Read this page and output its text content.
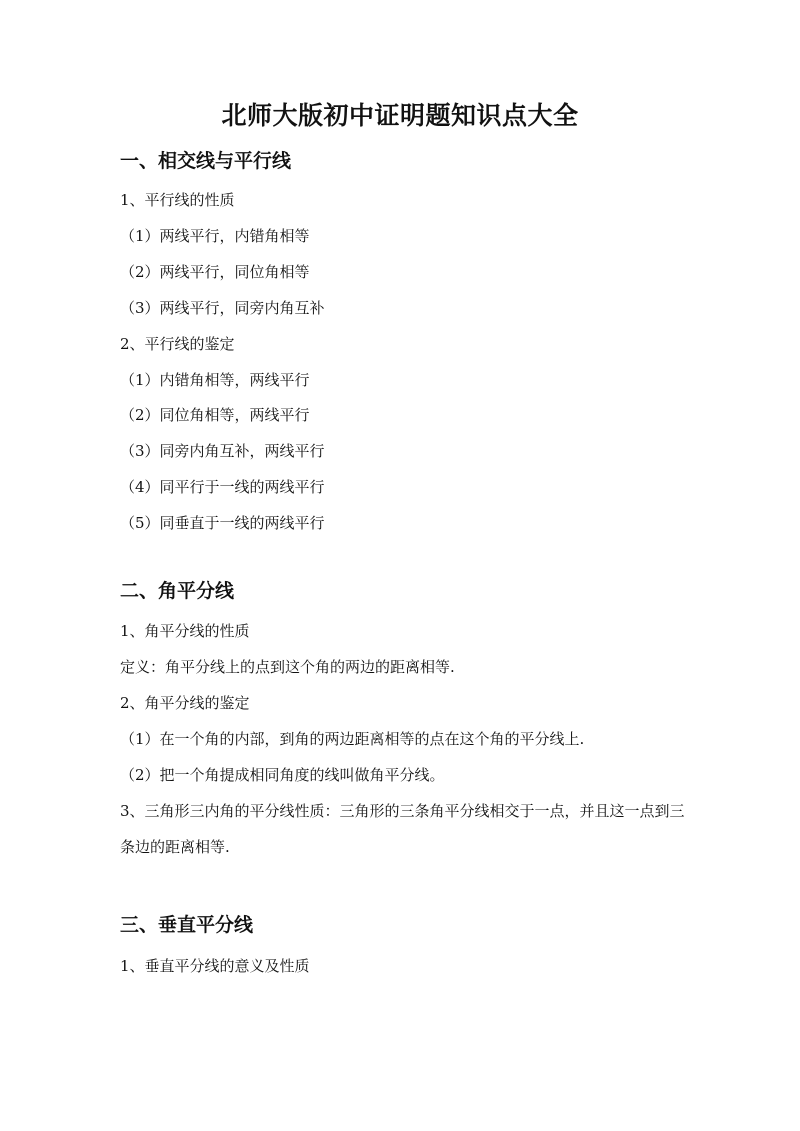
北师大版初中证明题知识点大全
一、相交线与平行线
1、平行线的性质
（1）两线平行，内错角相等
（2）两线平行，同位角相等
（3）两线平行，同旁内角互补
2、平行线的鉴定
（1）内错角相等，两线平行
（2）同位角相等，两线平行
（3）同旁内角互补，两线平行
（4）同平行于一线的两线平行
（5）同垂直于一线的两线平行
二、角平分线
1、角平分线的性质
定义：角平分线上的点到这个角的两边的距离相等.
2、角平分线的鉴定
（1）在一个角的内部，到角的两边距离相等的点在这个角的平分线上.
（2）把一个角提成相同角度的线叫做角平分线。
3、三角形三内角的平分线性质：三角形的三条角平分线相交于一点，并且这一点到三条边的距离相等.
三、垂直平分线
1、垂直平分线的意义及性质
